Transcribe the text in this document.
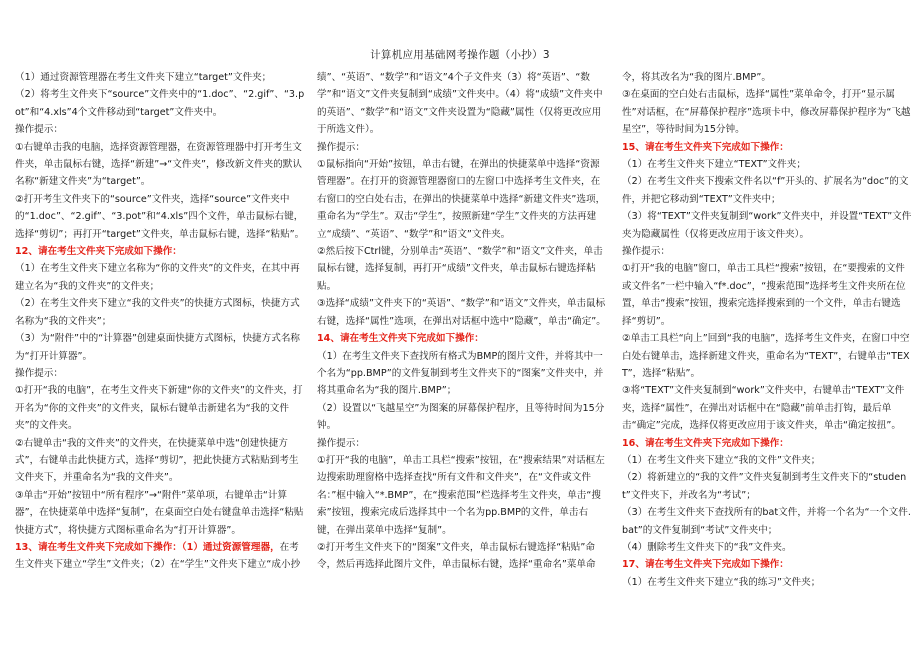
计算机应用基础网考操作题（小抄）3

（1）通过资源管理器在考生文件夹下建立“target”文件夹；

（2）将考生文件夹下“source”文件夹中的“1.doc”、“2.gif”、“3.pot”和“4.xls”4个文件移动到“target”文件夹中。

操作提示：

①右键单击我的电脑，选择资源管理器，在资源管理器中打开考生文件夹，单击鼠标右键，选择“新建”→“文件夹”，修改新文件夹的默认名称“新建文件夹”为“target”。

②打开考生文件夹下的“source”文件夹，选择“source”文件夹中的“1.doc”、“2.gif”、“3.pot”和“4.xls”四个文件，单击鼠标右键，选择“剪切”；再打开“target”文件夹，单击鼠标右键，选择“粘贴”。

12、请在考生文件夹下完成如下操作：

（1）在考生文件夹下建立名称为“你的文件夹”的文件夹，在其中再建立名为“我的文件夹”的文件夹；

（2）在考生文件夹下建立“我的文件夹”的快捷方式图标，快捷方式名称为“我的文件夹”；

（3）为“附件”中的“计算器”创建桌面快捷方式图标，快捷方式名称为“打开计算器”。

操作提示：

①打开“我的电脑”，在考生文件夹下新建“你的文件夹”的文件夹，打开名为“你的文件夹”的文件夹，鼠标右键单击新建名为“我的文件夹”的文件夹。

②右键单击“我的文件夹”的文件夹，在快捷菜单中选“创建快捷方式”，右键单击此快捷方式，选择“剪切”，把此快捷方式粘贴到考生文件夹下，并重命名为“我的文件夹”。

③单击“开始”按钮中“所有程序”→“附件”菜单项，右键单击“计算器”，在快捷菜单中选择“复制”，在桌面空白处右键盘单击选择“粘贴快捷方式”，将快捷方式图标重命名为“打开计算器”。

13、请在考生文件夹下完成如下操作：（1）通过资源管理器，在考生文件夹下建立“学生”文件夹；（2）在“学生”文件夹下建立“成小抄

绩”、“英语”、“数学”和“语文”4个子文件夹（3）将“英语”、“数学”和“语文”文件夹复制到“成绩”文件夹中。（4）将“成绩”文件夹中的英语”、“数学”和“语文”文件夹设置为“隐藏”属性（仅将更改应用于所选文件）。

操作提示：

①鼠标指向“开始”按钮，单击右键，在弹出的快捷菜单中选择“资源管理器”。在打开的资源管理器窗口的左窗口中选择考生文件夹，在右窗口的空白处右击，在弹出的快捷菜单中选择“新建文件夹”选项，重命名为“学生”。双击“学生”，按照新建“学生”文件夹的方法再建立“成绩”、“英语”、“数学”和“语文”文件夹。

②然后按下Ctrl键，分别单击“英语”、“数学”和“语文”文件夹，单击鼠标右键，选择复制，再打开“成绩”文件夹，单击鼠标右键选择粘贴。

③选择“成绩”文件夹下的“英语”、“数学”和“语文”文件夹，单击鼠标右键，选择“属性”选项，在弹出对话框中选中“隐藏”，单击“确定”。

14、请在考生文件夹下完成如下操作：

（1）在考生文件夹下查找所有格式为BMP的图片文件，并将其中一个名为“pp.BMP”的文件复制到考生文件夹下的“图案”文件夹中，并将其重命名为“我的图片.BMP”；

（2）设置以“飞越星空”为图案的屏幕保护程序，且等待时间为15分钟。

操作提示：

①打开“我的电脑”，单击工具栏“搜索”按钮，在“搜索结果”对话框左边搜索助理窗格中选择查找“所有文件和文件夹”，在“文件或文件名：”框中输入“*.BMP”，在“搜索范围”栏选择考生文件夹，单击“搜索”按钮，搜索完成后选择其中一个名为pp.BMP的文件，单击右键，在弹出菜单中选择“复制”。

②打开考生文件夹下的“图案”文件夹，单击鼠标右键选择“粘贴”命令，然后再选择此图片文件，单击鼠标右键，选择“重命名”菜单命

令，将其改名为“我的图片.BMP”。

③在桌面的空白处右击鼠标，选择“属性”菜单命令，打开“显示属性”对话框，在“屏幕保护程序”选项卡中，修改屏幕保护程序为“飞越星空”，等待时间为15分钟。

15、请在考生文件夹下完成如下操作：

（1）在考生文件夹下建立“TEXT”文件夹；

（2）在考生文件夹下搜索文件名以“f”开头的、扩展名为“doc”的文件，并把它移动到“TEXT”文件夹中；

（3）将“TEXT”文件夹复制到“work”文件夹中，并设置“TEXT”文件夹为隐藏属性（仅将更改应用于该文件夹）。

操作提示：

①打开“我的电脑”窗口，单击工具栏“搜索”按钮，在“要搜索的文件或文件名”一栏中输入“f*.doc”，“搜索范围”选择考生文件夹所在位置，单击“搜索”按钮，搜索完选择搜索到的一个文件，单击右键选择“剪切”。

②单击工具栏“向上”回到“我的电脑”，选择考生文件夹，在窗口中空白处右键单击，选择新建文件夹，重命名为“TEXT”，右键单击“TEXT”，选择“粘贴”。

③将“TEXT”文件夹复制到“work”文件夹中，右键单击“TEXT”文件夹，选择“属性”，在弹出对话框中在“隐藏”前单击打钩，最后单击“确定”完成，选择仅将更改应用于该文件夹，单击“确定按扭”。

16、请在考生文件夹下完成如下操作：

（1）在考生文件夹下建立“我的文件”文件夹；

（2）将新建立的“我的文件”文件夹复制到考生文件夹下的“student”文件夹下，并改名为“考试”；

（3）在考生文件夹下查找所有的bat文件，并将一个名为“一个文件.bat”的文件复制到“考试”文件夹中；

（4）删除考生文件夹下的“我”文件夹。

17、请在考生文件夹下完成如下操作：

（1）在考生文件夹下建立“我的练习”文件夹；
